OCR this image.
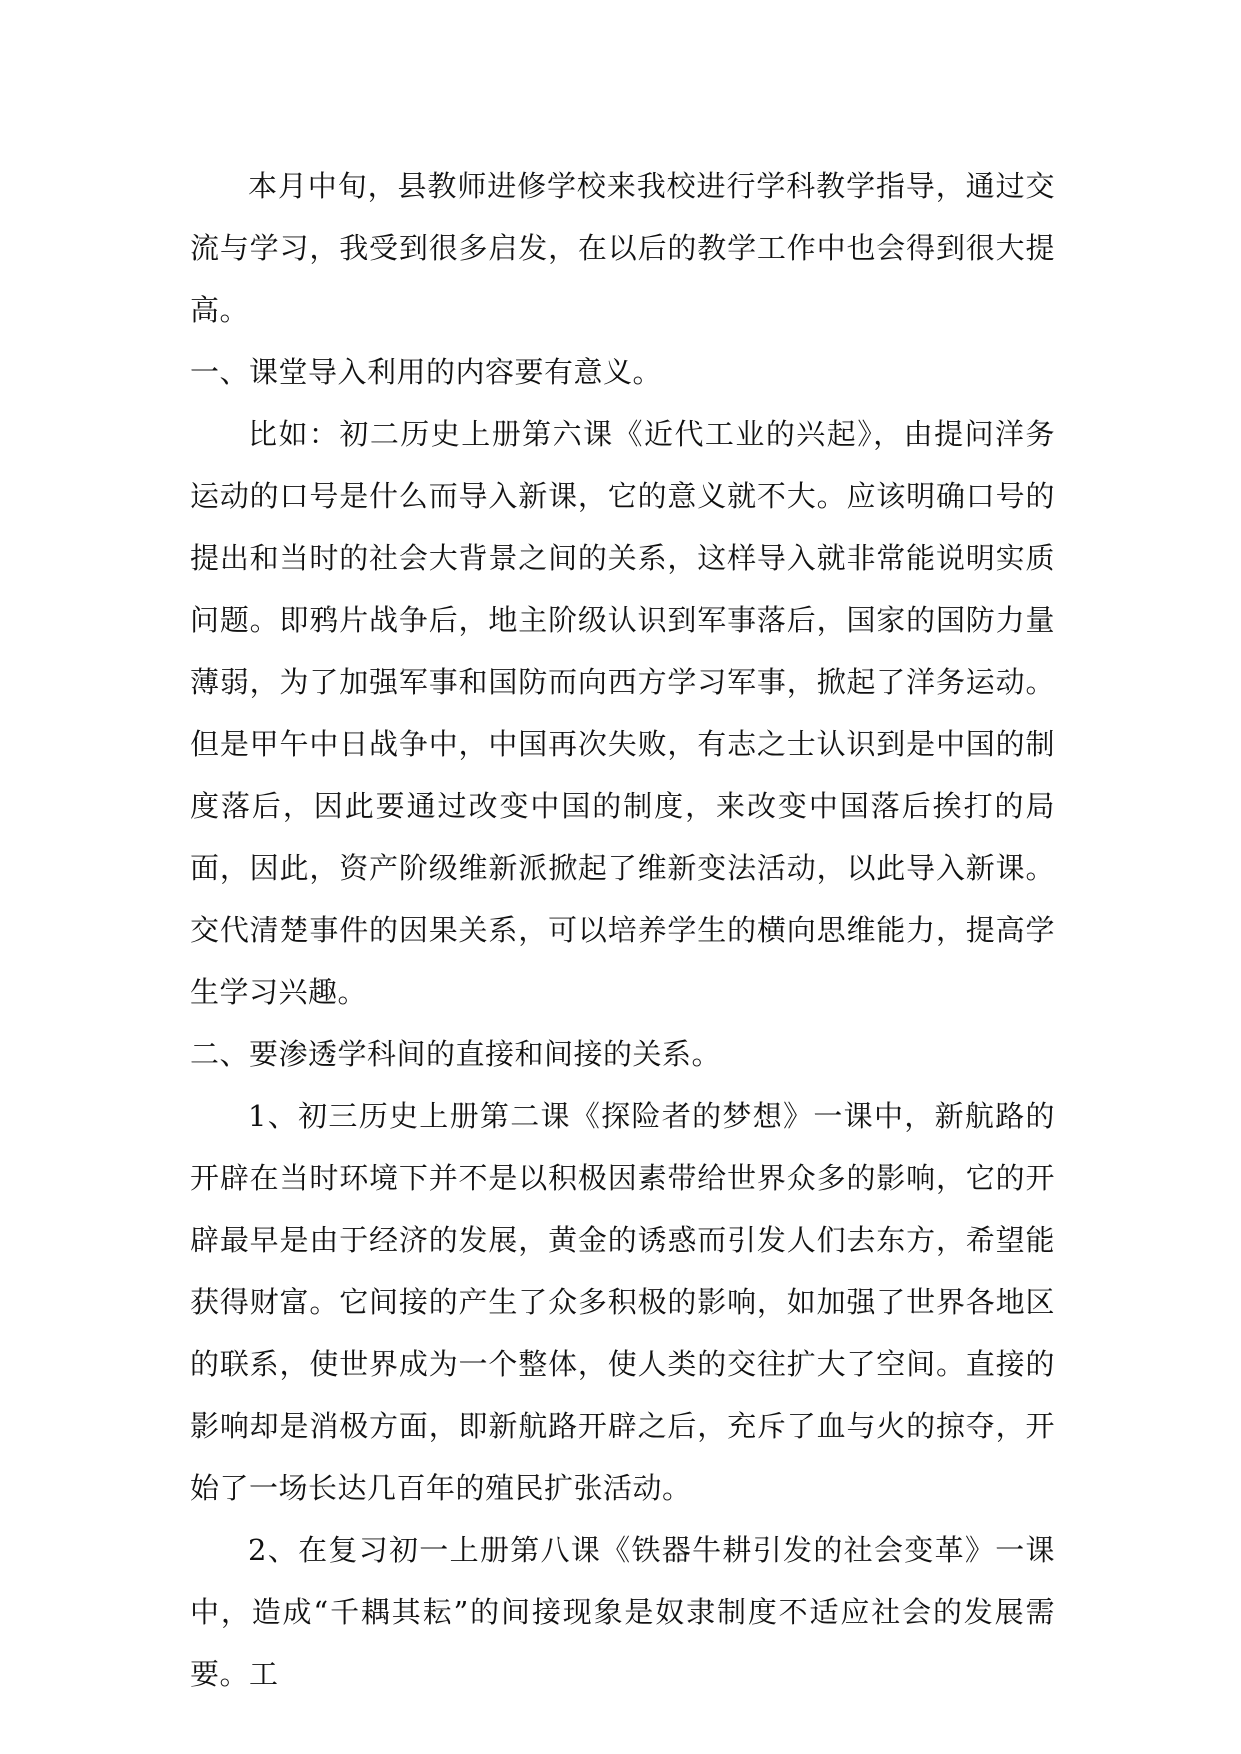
本月中旬，县教师进修学校来我校进行学科教学指导，通过交流与学习，我受到很多启发，在以后的教学工作中也会得到很大提高。

一、课堂导入利用的内容要有意义。

比如：初二历史上册第六课《近代工业的兴起》，由提问洋务运动的口号是什么而导入新课，它的意义就不大。应该明确口号的提出和当时的社会大背景之间的关系，这样导入就非常能说明实质问题。即鸦片战争后，地主阶级认识到军事落后，国家的国防力量薄弱，为了加强军事和国防而向西方学习军事，掀起了洋务运动。但是甲午中日战争中，中国再次失败，有志之士认识到是中国的制度落后，因此要通过改变中国的制度，来改变中国落后挨打的局面，因此，资产阶级维新派掀起了维新变法活动，以此导入新课。交代清楚事件的因果关系，可以培养学生的横向思维能力，提高学生学习兴趣。

二、要渗透学科间的直接和间接的关系。

1、初三历史上册第二课《探险者的梦想》一课中，新航路的开辟在当时环境下并不是以积极因素带给世界众多的影响，它的开辟最早是由于经济的发展，黄金的诱惑而引发人们去东方，希望能获得财富。它间接的产生了众多积极的影响，如加强了世界各地区的联系，使世界成为一个整体，使人类的交往扩大了空间。直接的影响却是消极方面，即新航路开辟之后，充斥了血与火的掠夺，开始了一场长达几百年的殖民扩张活动。

2、在复习初一上册第八课《铁器牛耕引发的社会变革》一课中，造成“千耦其耘”的间接现象是奴隶制度不适应社会的发展需要。工
